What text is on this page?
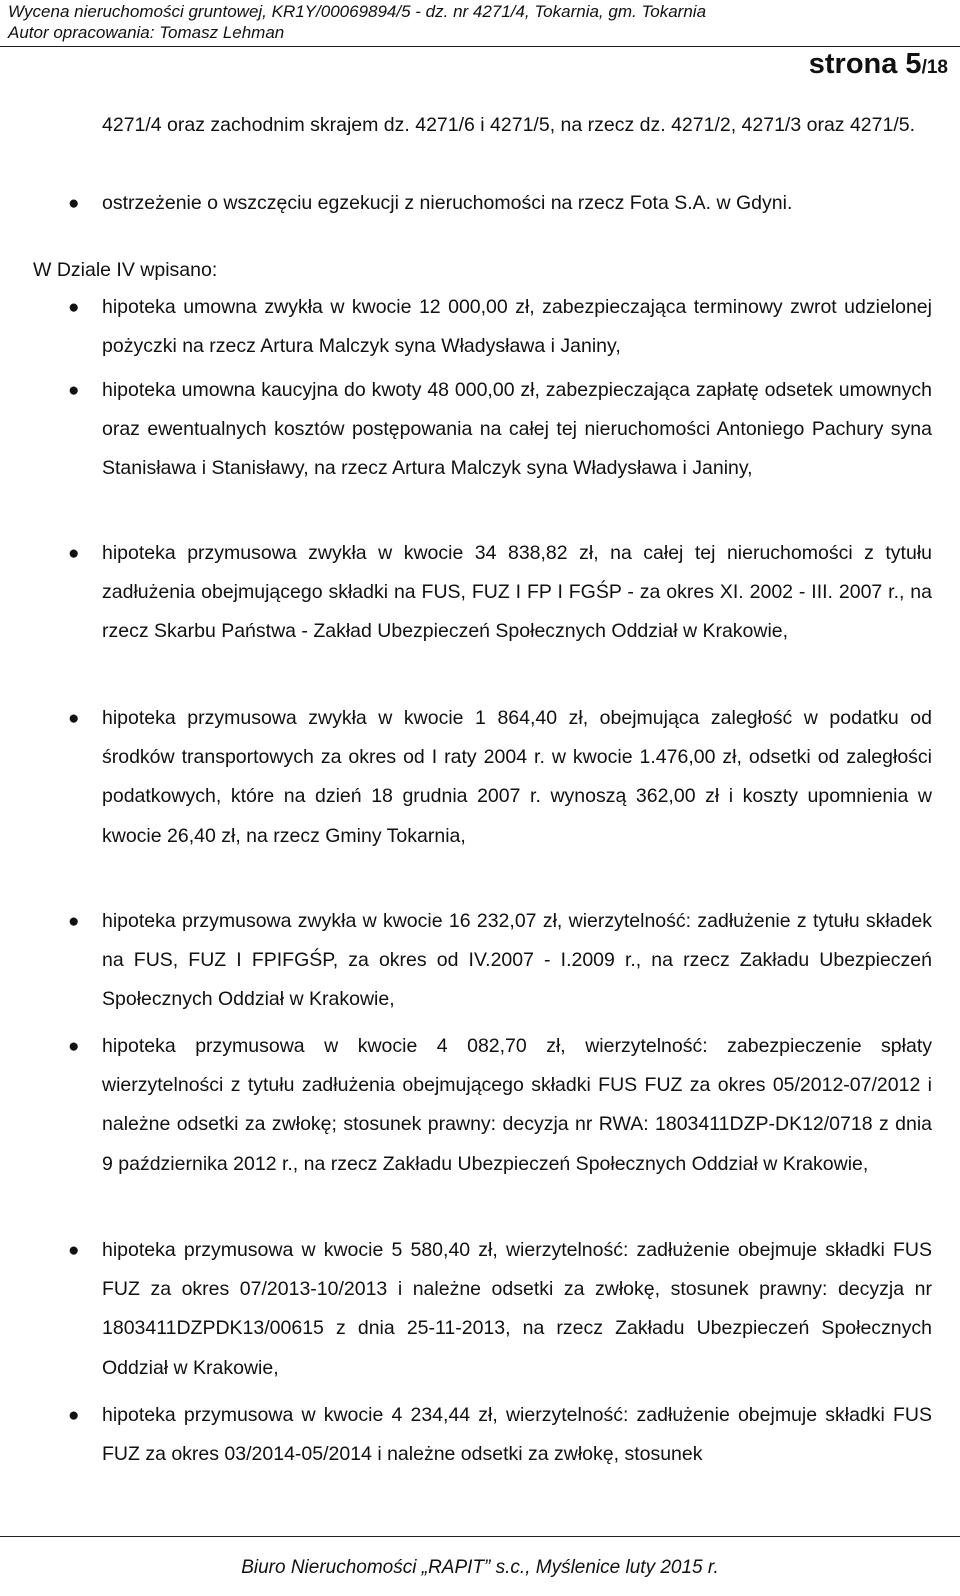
Wycena nieruchomości gruntowej, KR1Y/00069894/5 - dz. nr 4271/4, Tokarnia, gm. Tokarnia
Autor opracowania: Tomasz Lehman
strona 5/18
4271/4 oraz zachodnim skrajem dz. 4271/6 i 4271/5, na rzecz dz. 4271/2, 4271/3 oraz 4271/5.
● ostrzeżenie o wszczęciu egzekucji z nieruchomości na rzecz Fota S.A. w Gdyni.
W Dziale IV wpisano:
● hipoteka umowna zwykła w kwocie 12 000,00 zł, zabezpieczająca terminowy zwrot udzielonej pożyczki na rzecz Artura Malczyk syna Władysława i Janiny,
● hipoteka umowna kaucyjna do kwoty 48 000,00 zł, zabezpieczająca zapłatę odsetek umownych oraz ewentualnych kosztów postępowania na całej tej nieruchomości Antoniego Pachury syna Stanisława i Stanisławy, na rzecz Artura Malczyk syna Władysława i Janiny,
● hipoteka przymusowa zwykła w kwocie 34 838,82 zł, na całej tej nieruchomości z tytułu zadłużenia obejmującego składki na FUS, FUZ I FP I FGŚP - za okres XI. 2002 - III. 2007 r., na rzecz Skarbu Państwa - Zakład Ubezpieczeń Społecznych Oddział w Krakowie,
● hipoteka przymusowa zwykła w kwocie 1 864,40 zł, obejmująca zaległość w podatku od środków transportowych za okres od I raty 2004 r. w kwocie 1.476,00 zł, odsetki od zaległości podatkowych, które na dzień 18 grudnia 2007 r. wynoszą 362,00 zł i koszty upomnienia w kwocie 26,40 zł, na rzecz Gminy Tokarnia,
● hipoteka przymusowa zwykła w kwocie 16 232,07 zł, wierzytelność: zadłużenie z tytułu składek na FUS, FUZ I FPIFGŚP, za okres od IV.2007 - I.2009 r., na rzecz Zakładu Ubezpieczeń Społecznych Oddział w Krakowie,
● hipoteka przymusowa w kwocie 4 082,70 zł, wierzytelność: zabezpieczenie spłaty wierzytelności z tytułu zadłużenia obejmującego składki FUS FUZ za okres 05/2012-07/2012 i należne odsetki za zwłokę; stosunek prawny: decyzja nr RWA: 1803411DZP-DK12/0718 z dnia 9 października 2012 r., na rzecz Zakładu Ubezpieczeń Społecznych Oddział w Krakowie,
● hipoteka przymusowa w kwocie 5 580,40 zł, wierzytelność: zadłużenie obejmuje składki FUS FUZ za okres 07/2013-10/2013 i należne odsetki za zwłokę, stosunek prawny: decyzja nr 1803411DZPDK13/00615 z dnia 25-11-2013, na rzecz Zakładu Ubezpieczeń Społecznych Oddział w Krakowie,
● hipoteka przymusowa w kwocie 4 234,44 zł, wierzytelność: zadłużenie obejmuje składki FUS FUZ za okres 03/2014-05/2014 i należne odsetki za zwłokę, stosunek
Biuro Nieruchomości „RAPIT” s.c., Myślenice luty 2015 r.
